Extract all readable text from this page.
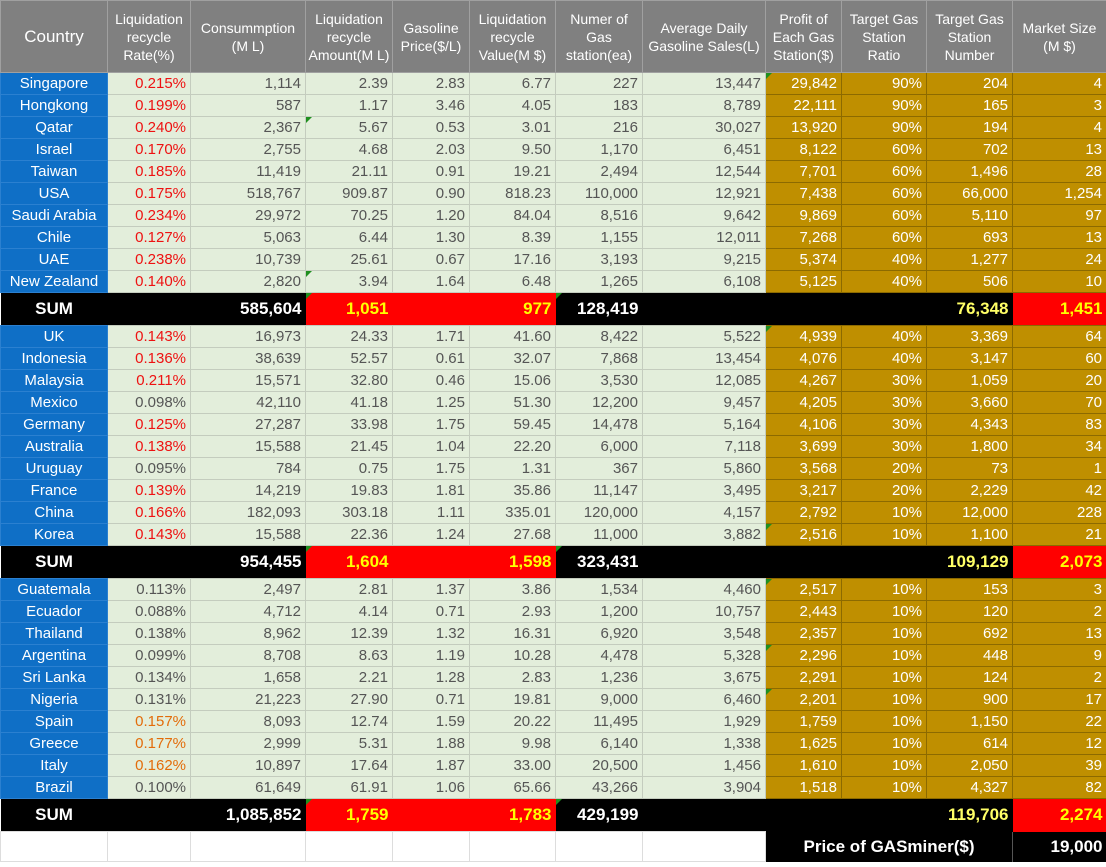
Country	Liquidation recycle Rate(%)	Consummption (M L)	Liquidation recycle Amount(M L)	Gasoline Price($/L)	Liquidation recycle Value(M $)	Numer of Gas station(ea)	Average Daily Gasoline Sales(L)	Profit of Each Gas Station($)	Target Gas Station Ratio	Target Gas Station Number	Market Size (M $)
Singapore	0.215%	1,114	2.39	2.83	6.77	227	13,447	29,842	90%	204	4
Hongkong	0.199%	587	1.17	3.46	4.05	183	8,789	22,111	90%	165	3
Qatar	0.240%	2,367	5.67	0.53	3.01	216	30,027	13,920	90%	194	4
Israel	0.170%	2,755	4.68	2.03	9.50	1,170	6,451	8,122	60%	702	13
Taiwan	0.185%	11,419	21.11	0.91	19.21	2,494	12,544	7,701	60%	1,496	28
USA	0.175%	518,767	909.87	0.90	818.23	110,000	12,921	7,438	60%	66,000	1,254
Saudi Arabia	0.234%	29,972	70.25	1.20	84.04	8,516	9,642	9,869	60%	5,110	97
Chile	0.127%	5,063	6.44	1.30	8.39	1,155	12,011	7,268	60%	693	13
UAE	0.238%	10,739	25.61	0.67	17.16	3,193	9,215	5,374	40%	1,277	24
New Zealand	0.140%	2,820	3.94	1.64	6.48	1,265	6,108	5,125	40%	506	10
SUM		585,604	1,051	977		128,419				76,348	1,451
UK	0.143%	16,973	24.33	1.71	41.60	8,422	5,522	4,939	40%	3,369	64
Indonesia	0.136%	38,639	52.57	0.61	32.07	7,868	13,454	4,076	40%	3,147	60
Malaysia	0.211%	15,571	32.80	0.46	15.06	3,530	12,085	4,267	30%	1,059	20
Mexico	0.098%	42,110	41.18	1.25	51.30	12,200	9,457	4,205	30%	3,660	70
Germany	0.125%	27,287	33.98	1.75	59.45	14,478	5,164	4,106	30%	4,343	83
Australia	0.138%	15,588	21.45	1.04	22.20	6,000	7,118	3,699	30%	1,800	34
Uruguay	0.095%	784	0.75	1.75	1.31	367	5,860	3,568	20%	73	1
France	0.139%	14,219	19.83	1.81	35.86	11,147	3,495	3,217	20%	2,229	42
China	0.166%	182,093	303.18	1.11	335.01	120,000	4,157	2,792	10%	12,000	228
Korea	0.143%	15,588	22.36	1.24	27.68	11,000	3,882	2,516	10%	1,100	21
SUM		954,455	1,604	1,598		323,431				109,129	2,073
Guatemala	0.113%	2,497	2.81	1.37	3.86	1,534	4,460	2,517	10%	153	3
Ecuador	0.088%	4,712	4.14	0.71	2.93	1,200	10,757	2,443	10%	120	2
Thailand	0.138%	8,962	12.39	1.32	16.31	6,920	3,548	2,357	10%	692	13
Argentina	0.099%	8,708	8.63	1.19	10.28	4,478	5,328	2,296	10%	448	9
Sri Lanka	0.134%	1,658	2.21	1.28	2.83	1,236	3,675	2,291	10%	124	2
Nigeria	0.131%	21,223	27.90	0.71	19.81	9,000	6,460	2,201	10%	900	17
Spain	0.157%	8,093	12.74	1.59	20.22	11,495	1,929	1,759	10%	1,150	22
Greece	0.177%	2,999	5.31	1.88	9.98	6,140	1,338	1,625	10%	614	12
Italy	0.162%	10,897	17.64	1.87	33.00	20,500	1,456	1,610	10%	2,050	39
Brazil	0.100%	61,649	61.91	1.06	65.66	43,266	3,904	1,518	10%	4,327	82
SUM		1,085,852	1,759	1,783		429,199				119,706	2,274
								Price of GASminer($)			19,000
